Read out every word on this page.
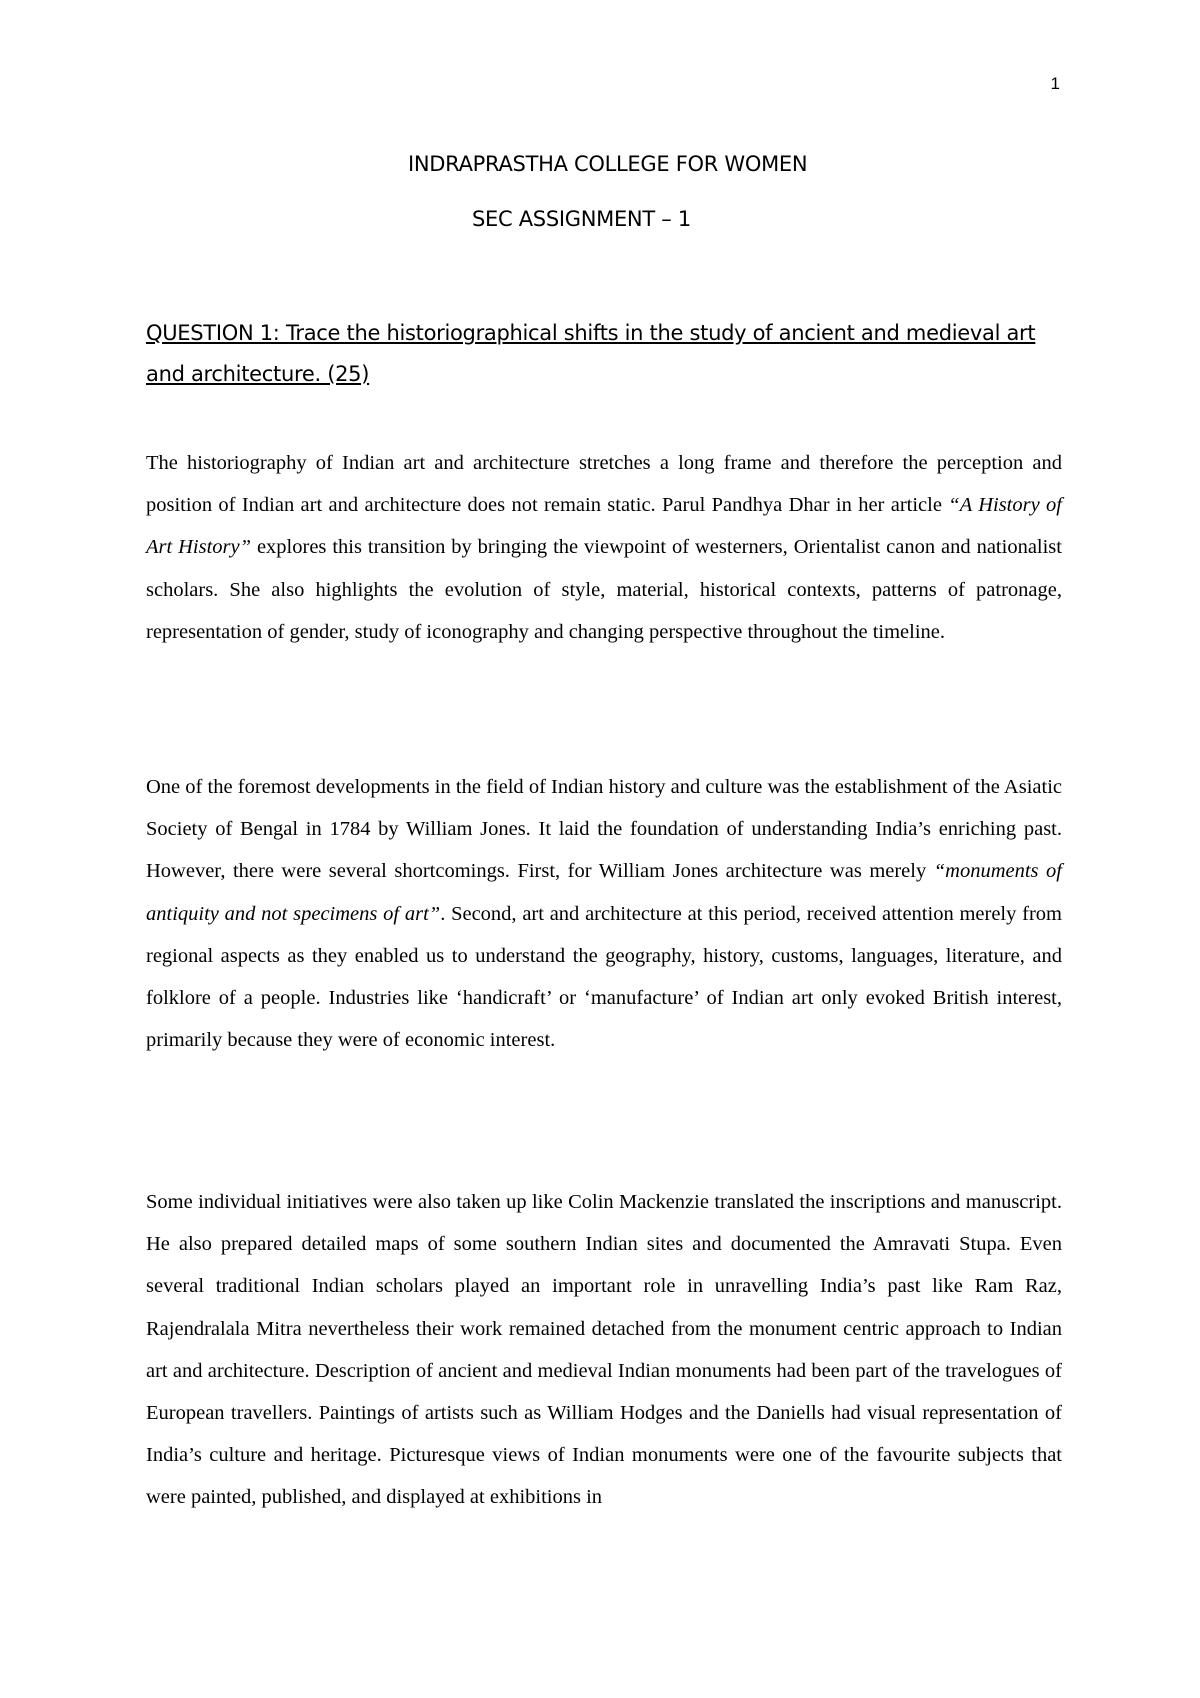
1
INDRAPRASTHA COLLEGE FOR WOMEN
SEC ASSIGNMENT – 1
QUESTION 1: Trace the historiographical shifts in the study of ancient and medieval art and architecture. (25)

The historiography of Indian art and architecture stretches a long frame and therefore the perception and position of Indian art and architecture does not remain static. Parul Pandhya Dhar in her article “A History of Art History” explores this transition by bringing the viewpoint of westerners, Orientalist canon and nationalist scholars. She also highlights the evolution of style, material, historical contexts, patterns of patronage, representation of gender, study of iconography and changing perspective throughout the timeline.

One of the foremost developments in the field of Indian history and culture was the establishment of the Asiatic Society of Bengal in 1784 by William Jones. It laid the foundation of understanding India’s enriching past. However, there were several shortcomings. First, for William Jones architecture was merely “monuments of antiquity and not specimens of art”. Second, art and architecture at this period, received attention merely from regional aspects as they enabled us to understand the geography, history, customs, languages, literature, and folklore of a people. Industries like ‘handicraft’ or ‘manufacture’ of Indian art only evoked British interest, primarily because they were of economic interest.

Some individual initiatives were also taken up like Colin Mackenzie translated the inscriptions and manuscript. He also prepared detailed maps of some southern Indian sites and documented the Amravati Stupa. Even several traditional Indian scholars played an important role in unravelling India’s past like Ram Raz, Rajendralala Mitra nevertheless their work remained detached from the monument centric approach to Indian art and architecture. Description of ancient and medieval Indian monuments had been part of the travelogues of European travellers. Paintings of artists such as William Hodges and the Daniells had visual representation of India’s culture and heritage. Picturesque views of Indian monuments were one of the favourite subjects that were painted, published, and displayed at exhibitions in
